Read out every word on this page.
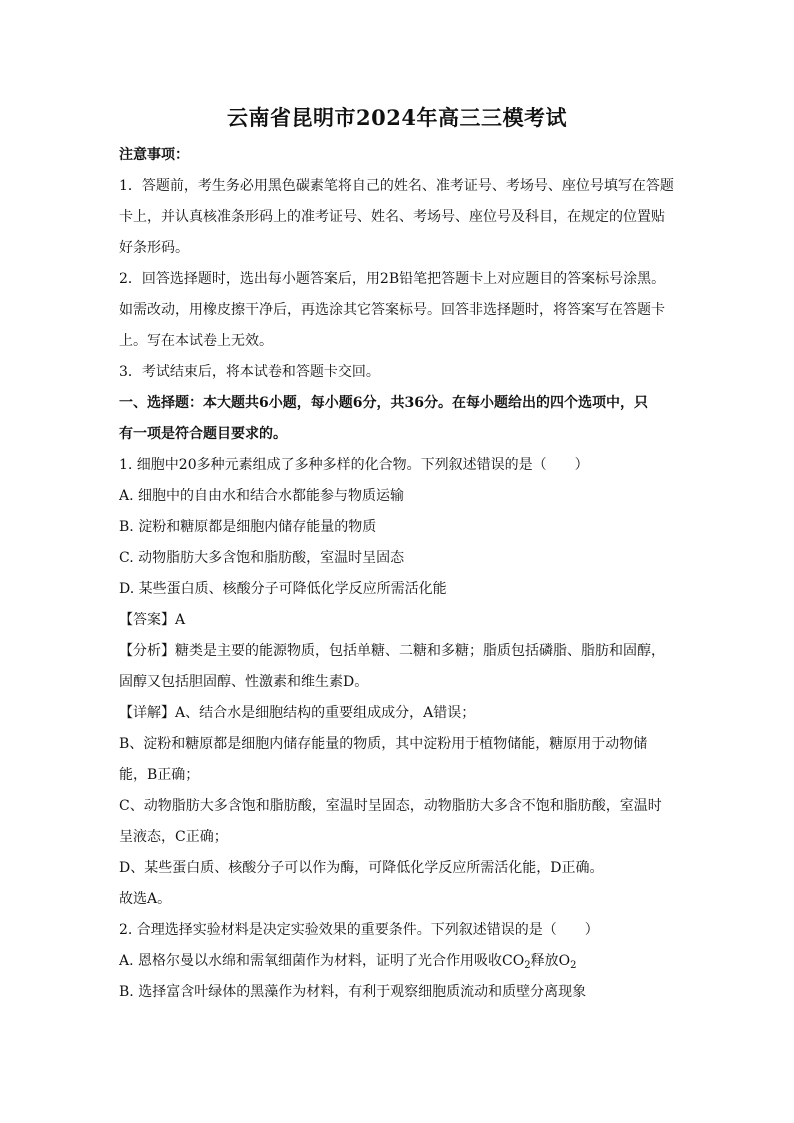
云南省昆明市2024年高三三模考试
注意事项：
1．答题前，考生务必用黑色碳素笔将自己的姓名、准考证号、考场号、座位号填写在答题
卡上，并认真核准条形码上的准考证号、姓名、考场号、座位号及科目，在规定的位置贴
好条形码。
2．回答选择题时，选出每小题答案后，用2B铅笔把答题卡上对应题目的答案标号涂黑。
如需改动，用橡皮擦干净后，再选涂其它答案标号。回答非选择题时，将答案写在答题卡
上。写在本试卷上无效。
3．考试结束后，将本试卷和答题卡交回。
一、选择题：本大题共6小题，每小题6分，共36分。在每小题给出的四个选项中，只
有一项是符合题目要求的。
1. 细胞中20多种元素组成了多种多样的化合物。下列叙述错误的是（　　）
A. 细胞中的自由水和结合水都能参与物质运输
B. 淀粉和糖原都是细胞内储存能量的物质
C. 动物脂肪大多含饱和脂肪酸，室温时呈固态
D. 某些蛋白质、核酸分子可降低化学反应所需活化能
【答案】A
【分析】糖类是主要的能源物质，包括单糖、二糖和多糖；脂质包括磷脂、脂肪和固醇，
固醇又包括胆固醇、性激素和维生素D。
【详解】A、结合水是细胞结构的重要组成成分，A错误；
B、淀粉和糖原都是细胞内储存能量的物质，其中淀粉用于植物储能，糖原用于动物储
能，B正确；
C、动物脂肪大多含饱和脂肪酸，室温时呈固态，动物脂肪大多含不饱和脂肪酸，室温时
呈液态，C正确；
D、某些蛋白质、核酸分子可以作为酶，可降低化学反应所需活化能，D正确。
故选A。
2. 合理选择实验材料是决定实验效果的重要条件。下列叙述错误的是（　　）
A. 恩格尔曼以水绵和需氧细菌作为材料，证明了光合作用吸收$CO_2$释放$O_2$
B. 选择富含叶绿体的黑藻作为材料，有利于观察细胞质流动和质壁分离现象
